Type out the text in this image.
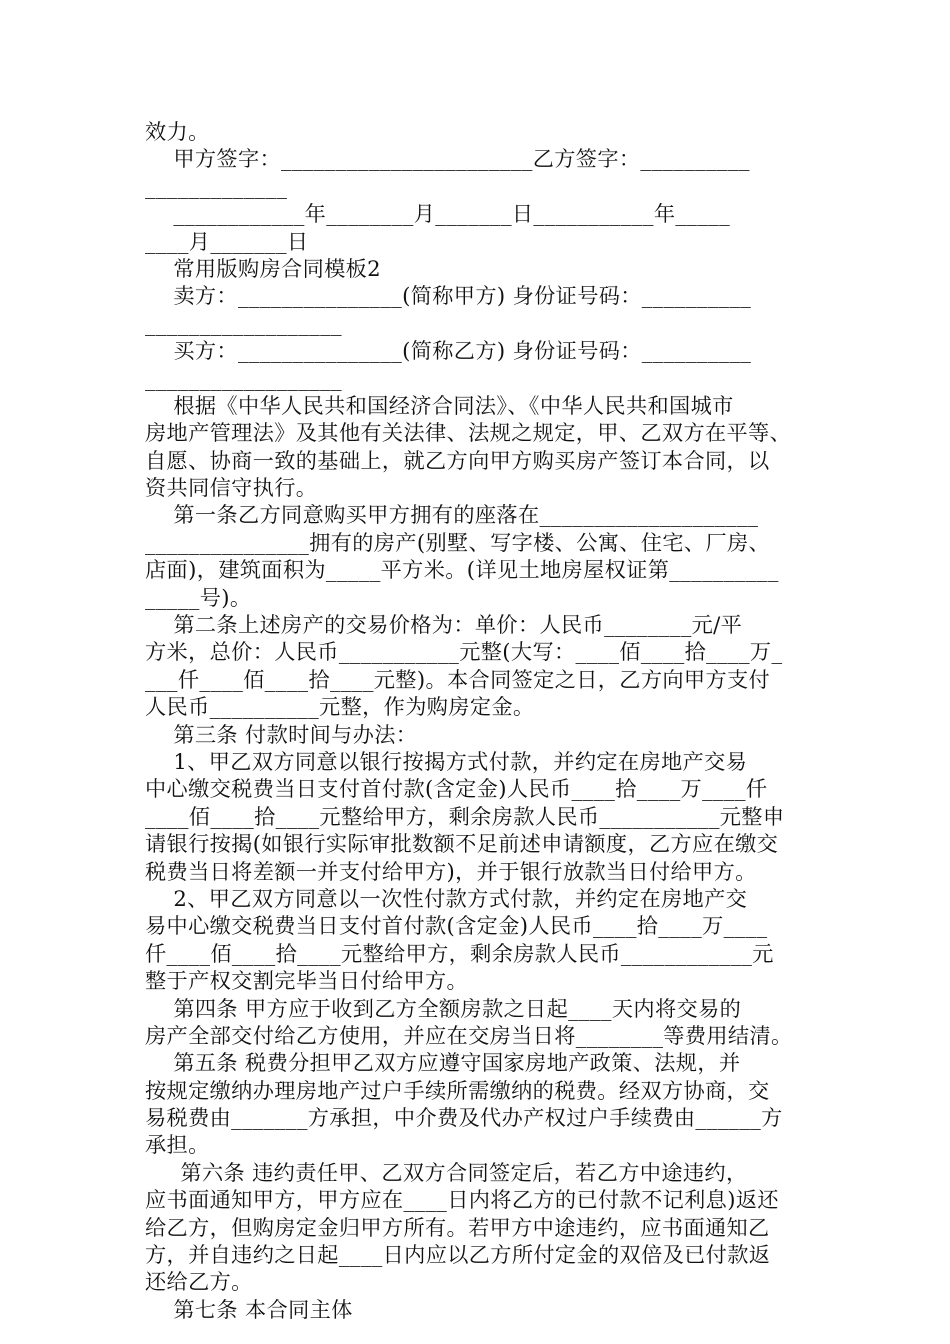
效力。
甲方签字：_______________________乙方签字：__________
_____________
____________年________月_______日___________年_____
____月_______日
常用版购房合同模板2
卖方：_______________(简称甲方) 身份证号码：__________
__________________
买方：_______________(简称乙方) 身份证号码：__________
__________________
根据《中华人民共和国经济合同法》、《中华人民共和国城市
房地产管理法》及其他有关法律、法规之规定，甲、乙双方在平等、
自愿、协商一致的基础上，就乙方向甲方购买房产签订本合同，以
资共同信守执行。
第一条乙方同意购买甲方拥有的座落在____________________
_______________拥有的房产(别墅、写字楼、公寓、住宅、厂房、
店面)，建筑面积为_____平方米。(详见土地房屋权证第__________
_____号)。
第二条上述房产的交易价格为：单价：人民币________元/平
方米，总价：人民币___________元整(大写：____佰____拾____万_
___仟____佰____拾____元整)。本合同签定之日，乙方向甲方支付
人民币__________元整，作为购房定金。
第三条 付款时间与办法：
1、甲乙双方同意以银行按揭方式付款，并约定在房地产交易
中心缴交税费当日支付首付款(含定金)人民币____拾____万____仟
____佰____拾____元整给甲方，剩余房款人民币___________元整申
请银行按揭(如银行实际审批数额不足前述申请额度，乙方应在缴交
税费当日将差额一并支付给甲方)，并于银行放款当日付给甲方。
2、甲乙双方同意以一次性付款方式付款，并约定在房地产交
易中心缴交税费当日支付首付款(含定金)人民币____拾____万____
仟____佰____拾____元整给甲方，剩余房款人民币____________元
整于产权交割完毕当日付给甲方。
第四条 甲方应于收到乙方全额房款之日起____天内将交易的
房产全部交付给乙方使用，并应在交房当日将________等费用结清。
第五条 税费分担甲乙双方应遵守国家房地产政策、法规，并
按规定缴纳办理房地产过户手续所需缴纳的税费。经双方协商，交
易税费由_______方承担，中介费及代办产权过户手续费由______方
承担。
第六条 违约责任甲、乙双方合同签定后，若乙方中途违约，
应书面通知甲方，甲方应在____日内将乙方的已付款不记利息)返还
给乙方，但购房定金归甲方所有。若甲方中途违约，应书面通知乙
方，并自违约之日起____日内应以乙方所付定金的双倍及已付款返
还给乙方。
第七条 本合同主体
